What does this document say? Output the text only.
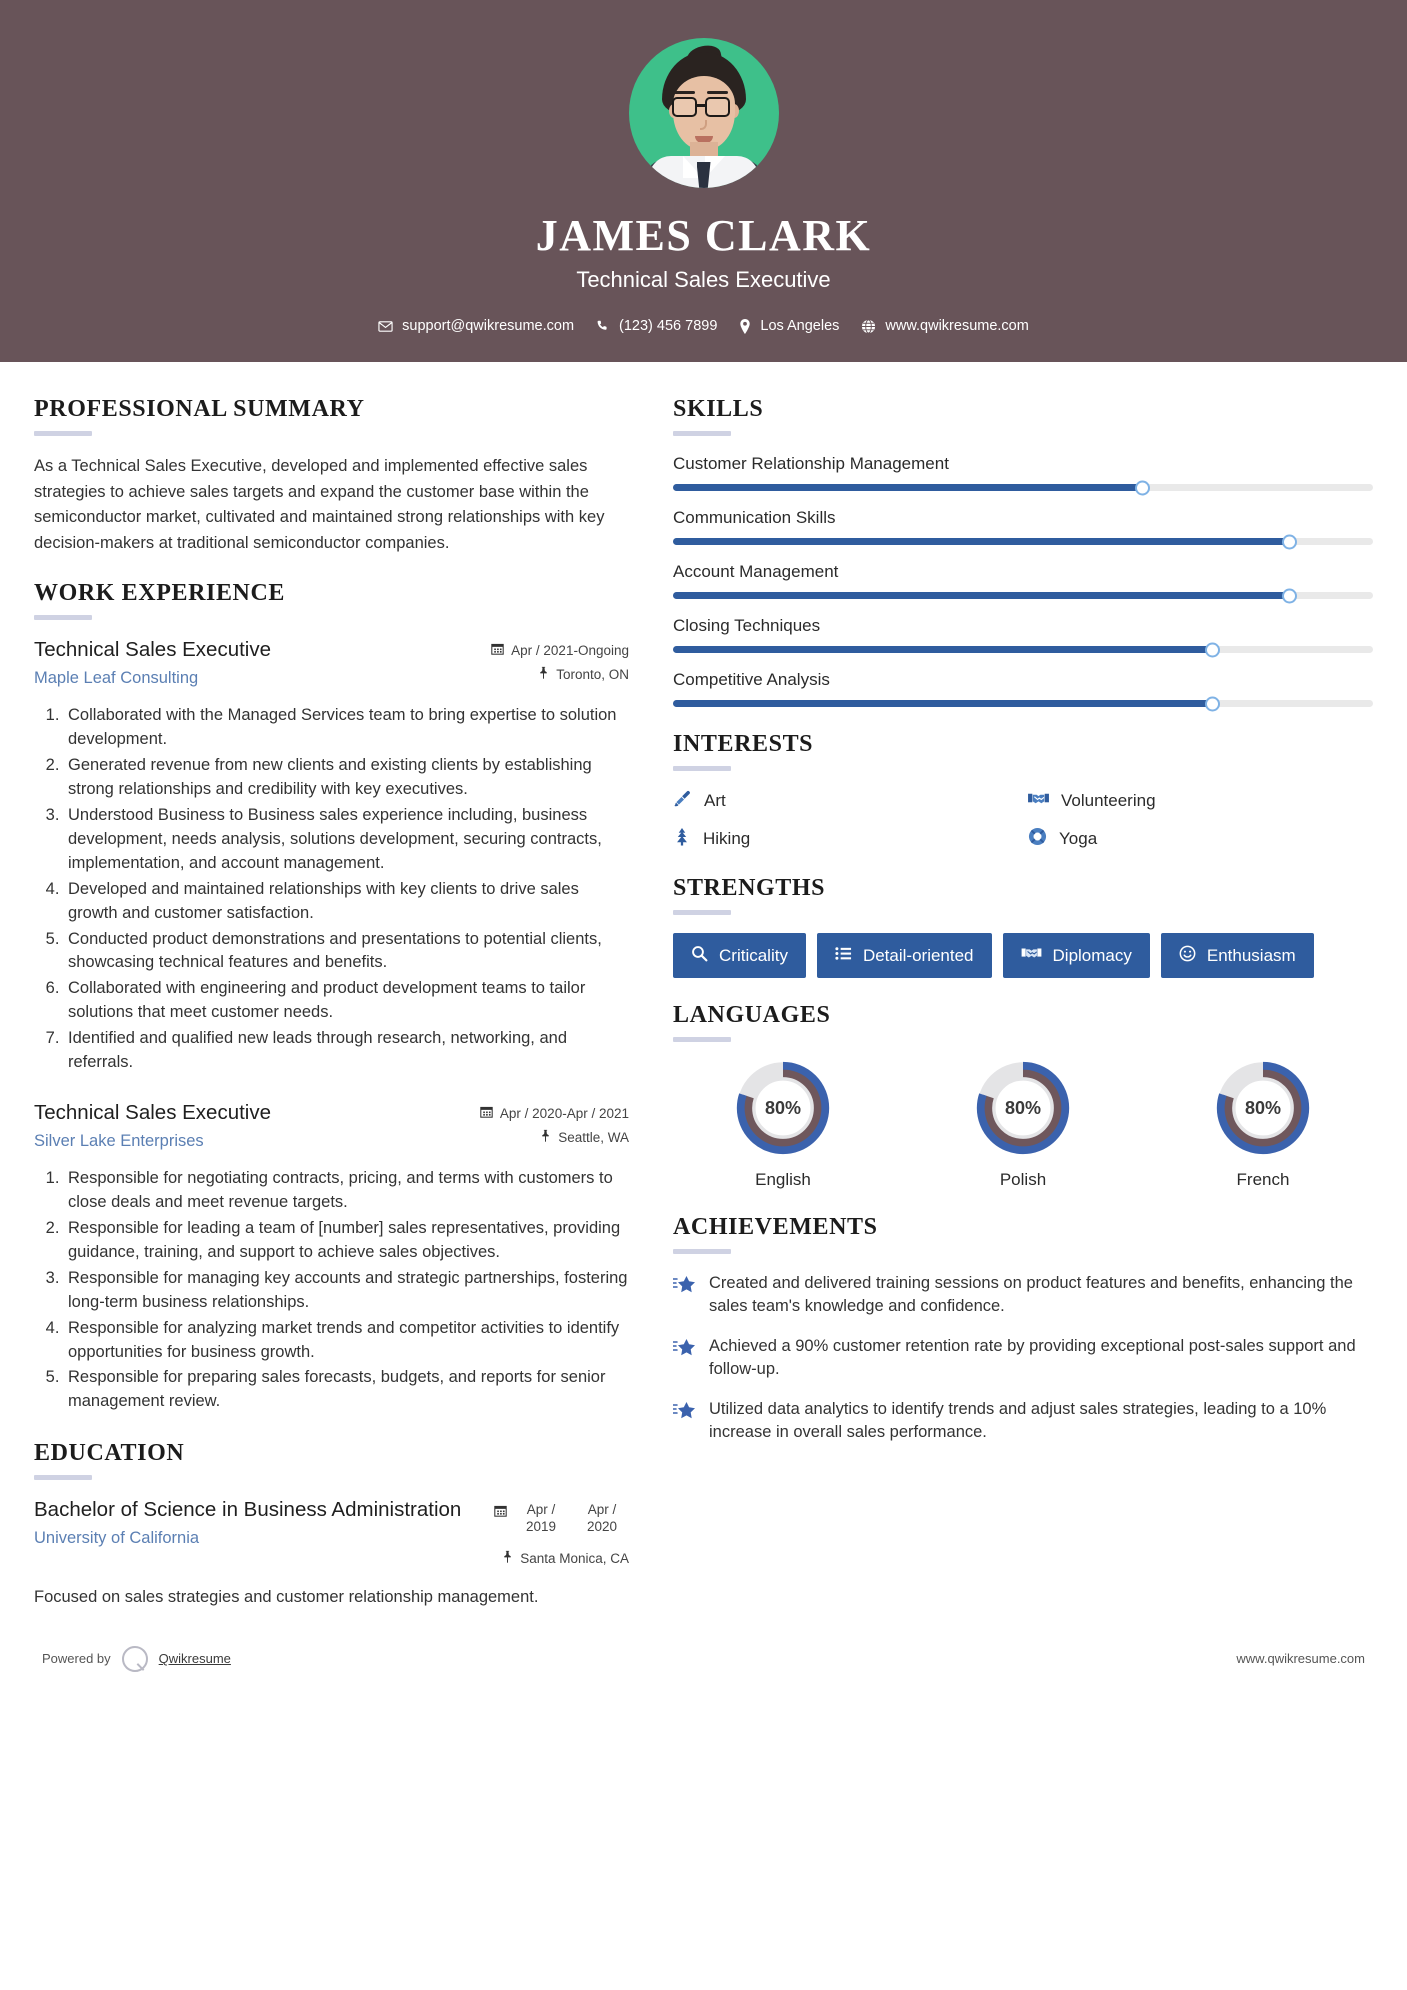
JAMES CLARK
Technical Sales Executive
support@qwikresume.com	(123) 456 7899	Los Angeles	www.qwikresume.com
PROFESSIONAL SUMMARY
As a Technical Sales Executive, developed and implemented effective sales strategies to achieve sales targets and expand the customer base within the semiconductor market, cultivated and maintained strong relationships with key decision-makers at traditional semiconductor companies.
WORK EXPERIENCE
Technical Sales Executive
Maple Leaf Consulting
Apr / 2021-Ongoing
Toronto, ON
1. Collaborated with the Managed Services team to bring expertise to solution development.
2. Generated revenue from new clients and existing clients by establishing strong relationships and credibility with key executives.
3. Understood Business to Business sales experience including, business development, needs analysis, solutions development, securing contracts, implementation, and account management.
4. Developed and maintained relationships with key clients to drive sales growth and customer satisfaction.
5. Conducted product demonstrations and presentations to potential clients, showcasing technical features and benefits.
6. Collaborated with engineering and product development teams to tailor solutions that meet customer needs.
7. Identified and qualified new leads through research, networking, and referrals.
Technical Sales Executive
Silver Lake Enterprises
Apr / 2020-Apr / 2021
Seattle, WA
1. Responsible for negotiating contracts, pricing, and terms with customers to close deals and meet revenue targets.
2. Responsible for leading a team of [number] sales representatives, providing guidance, training, and support to achieve sales objectives.
3. Responsible for managing key accounts and strategic partnerships, fostering long-term business relationships.
4. Responsible for analyzing market trends and competitor activities to identify opportunities for business growth.
5. Responsible for preparing sales forecasts, budgets, and reports for senior management review.
EDUCATION
Bachelor of Science in Business Administration
University of California
Apr / 2019
Apr / 2020
Santa Monica, CA
Focused on sales strategies and customer relationship management.
SKILLS
Customer Relationship Management
Communication Skills
Account Management
Closing Techniques
Competitive Analysis
INTERESTS
Art	Volunteering
Hiking	Yoga
STRENGTHS
Criticality	Detail-oriented	Diplomacy	Enthusiasm
LANGUAGES
80%
English
80%
Polish
80%
French
ACHIEVEMENTS
Created and delivered training sessions on product features and benefits, enhancing the sales team's knowledge and confidence.
Achieved a 90% customer retention rate by providing exceptional post-sales support and follow-up.
Utilized data analytics to identify trends and adjust sales strategies, leading to a 10% increase in overall sales performance.
Powered by	Qwikresume	www.qwikresume.com
